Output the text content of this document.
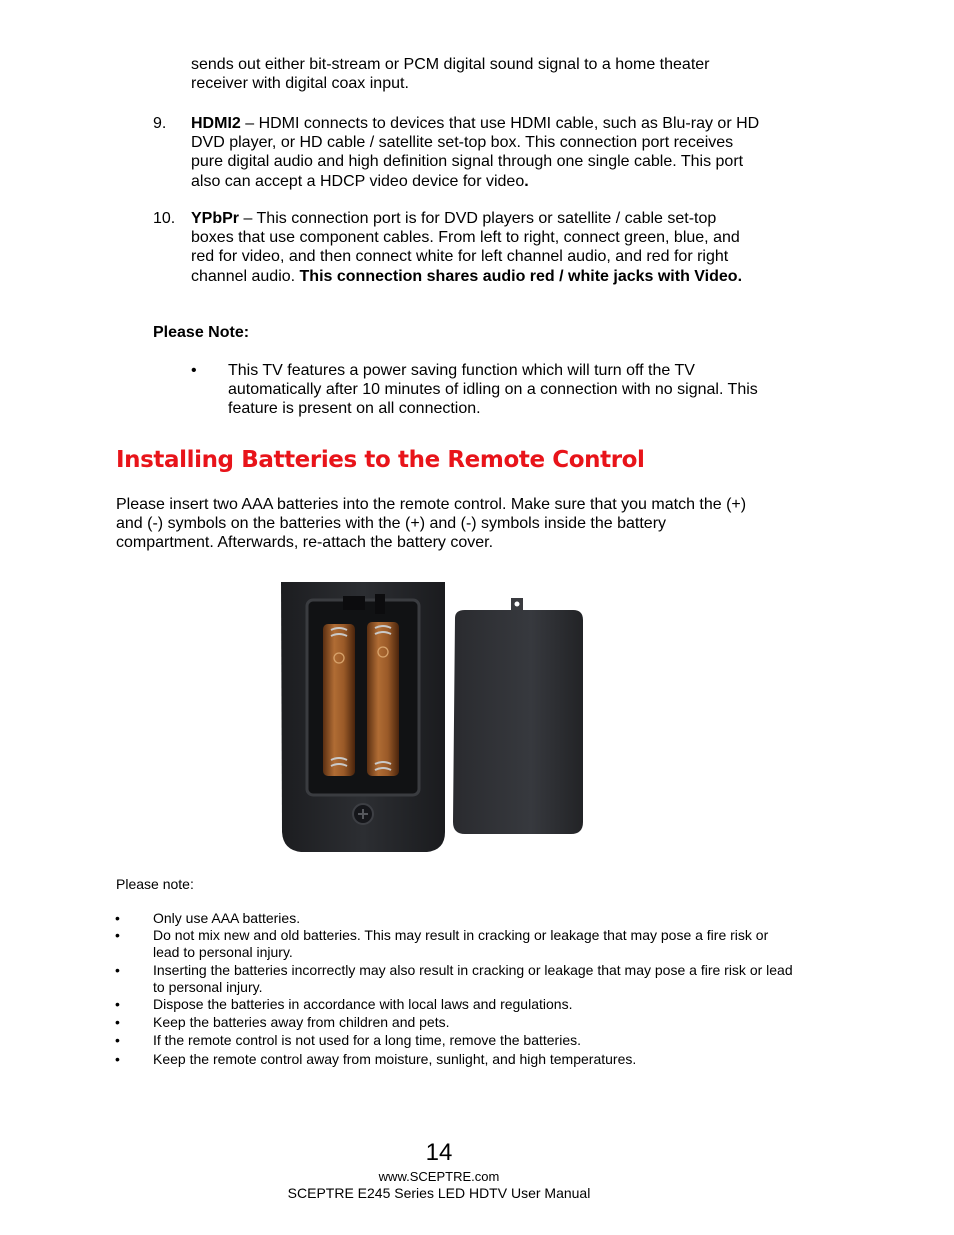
sends out either bit-stream or PCM digital sound signal to a home theater receiver with digital coax input.
9. HDMI2 – HDMI connects to devices that use HDMI cable, such as Blu-ray or HD DVD player, or HD cable / satellite set-top box. This connection port receives pure digital audio and high definition signal through one single cable. This port also can accept a HDCP video device for video.
10. YPbPr – This connection port is for DVD players or satellite / cable set-top boxes that use component cables. From left to right, connect green, blue, and red for video, and then connect white for left channel audio, and red for right channel audio. This connection shares audio red / white jacks with Video.
Please Note:
• This TV features a power saving function which will turn off the TV automatically after 10 minutes of idling on a connection with no signal. This feature is present on all connection.
Installing Batteries to the Remote Control
Please insert two AAA batteries into the remote control. Make sure that you match the (+) and (-) symbols on the batteries with the (+) and (-) symbols inside the battery compartment. Afterwards, re-attach the battery cover.
Please note:
• Only use AAA batteries.
• Do not mix new and old batteries. This may result in cracking or leakage that may pose a fire risk or lead to personal injury.
• Inserting the batteries incorrectly may also result in cracking or leakage that may pose a fire risk or lead to personal injury.
• Dispose the batteries in accordance with local laws and regulations.
• Keep the batteries away from children and pets.
• If the remote control is not used for a long time, remove the batteries.
• Keep the remote control away from moisture, sunlight, and high temperatures.
14
www.SCEPTRE.com
SCEPTRE E245 Series LED HDTV User Manual
